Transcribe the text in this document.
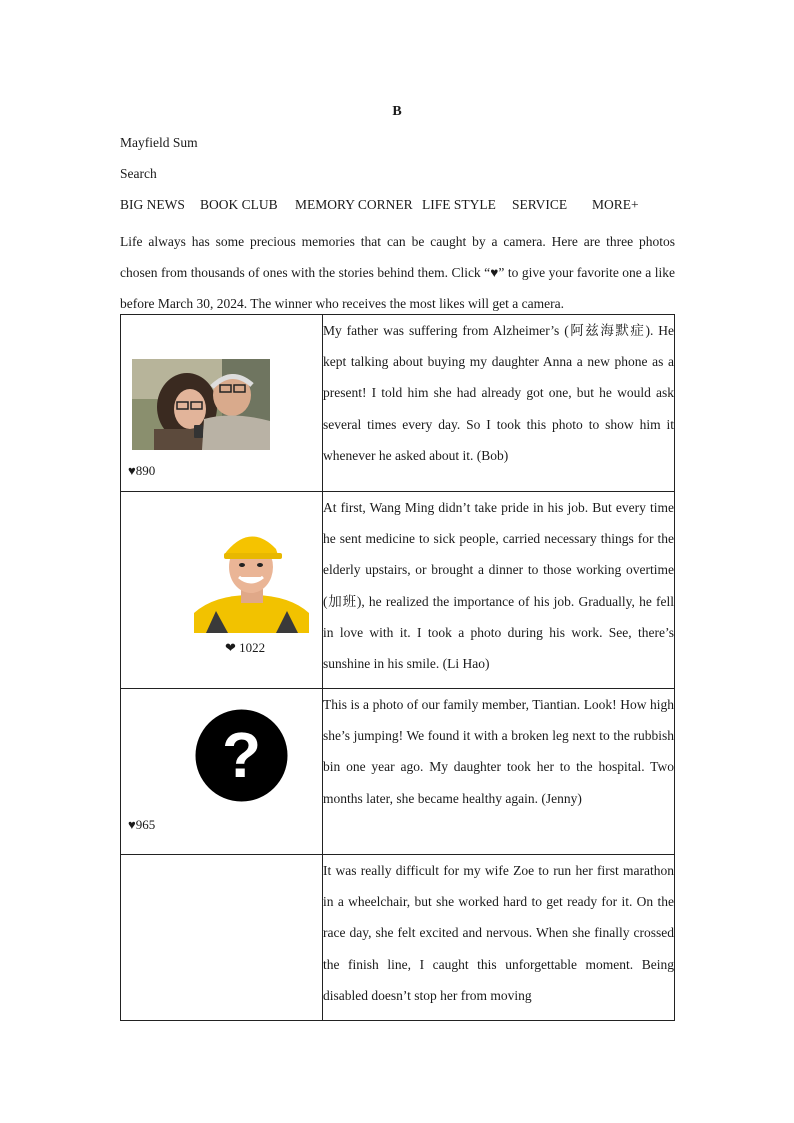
B
Mayfield Sum
Search
BIG NEWS BOOK CLUB MEMORY CORNER LIFE STYLE SERVICE MORE+
Life always has some precious memories that can be caught by a camera. Here are three photos chosen from thousands of ones with the stories behind them. Click “♥” to give your favorite one a like before March 30, 2024. The winner who receives the most likes will get a camera.
♥890	My father was suffering from Alzheimer’s (阿兹海默症). He kept talking about buying my daughter Anna a new phone as a present! I told him she had already got one, but he would ask several times every day. So I took this photo to show him it whenever he asked about it. (Bob)

❤ 1022	At first, Wang Ming didn’t take pride in his job. But every time he sent medicine to sick people, carried necessary things for the elderly upstairs, or brought a dinner to those working overtime (加班), he realized the importance of his job. Gradually, he fell in love with it. I took a photo during his work. See, there’s sunshine in his smile. (Li Hao)

?
♥965	This is a photo of our family member, Tiantian. Look! How high she’s jumping! We found it with a broken leg next to the rubbish bin one year ago. My daughter took her to the hospital. Two months later, she became healthy again. (Jenny)

	It was really difficult for my wife Zoe to run her first marathon in a wheelchair, but she worked hard to get ready for it. On the race day, she felt excited and nervous. When she finally crossed the finish line, I caught this unforgettable moment. Being disabled doesn’t stop her from moving
